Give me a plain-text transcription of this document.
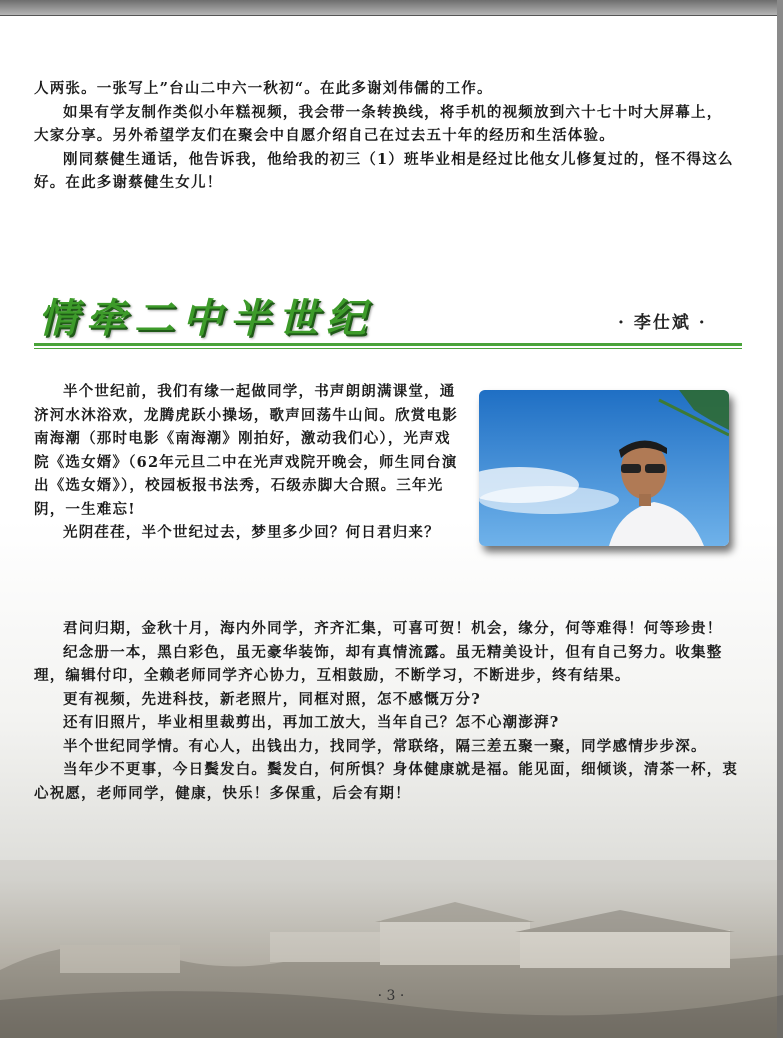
人两张。一张写上”台山二中六一秋初“。在此多谢刘伟儒的工作。

如果有学友制作类似小年糕视频，我会带一条转换线，将手机的视频放到六十七十吋大屏幕上，大家分享。另外希望学友们在聚会中自愿介绍自己在过去五十年的经历和生活体验。

刚同蔡健生通话，他告诉我，他给我的初三（1）班毕业相是经过比他女儿修复过的，怪不得这么好。在此多谢蔡健生女儿！

情牵二中半世纪	· 李仕斌 ·

半个世纪前，我们有缘一起做同学，书声朗朗满课堂，通济河水沐浴欢，龙腾虎跃小操场，歌声回荡牛山间。欣赏电影南海潮（那时电影《南海潮》刚拍好，激动我们心），光声戏院《选女婿》（62年元旦二中在光声戏院开晚会，师生同台演出《选女婿》），校园板报书法秀，石级赤脚大合照。三年光阴，一生难忘!

光阴荏荏，半个世纪过去，梦里多少回？何日君归来？

君问归期，金秋十月，海内外同学，齐齐汇集，可喜可贺！机会，缘分，何等难得！何等珍贵！

纪念册一本，黑白彩色，虽无豪华装饰，却有真情流露。虽无精美设计，但有自己努力。收集整理，编辑付印，全赖老师同学齐心协力，互相鼓励，不断学习，不断进步，终有结果。

更有视频，先进科技，新老照片，同框对照，怎不感慨万分?

还有旧照片，毕业相里裁剪出，再加工放大，当年自己？怎不心潮澎湃?

半个世纪同学情。有心人，出钱出力，找同学，常联络，隔三差五聚一聚，同学感情步步深。

当年少不更事，今日鬓发白。鬓发白，何所惧？身体健康就是福。能见面，细倾谈，清茶一杯，衷心祝愿，老师同学，健康，快乐！多保重，后会有期！

· 3 ·
